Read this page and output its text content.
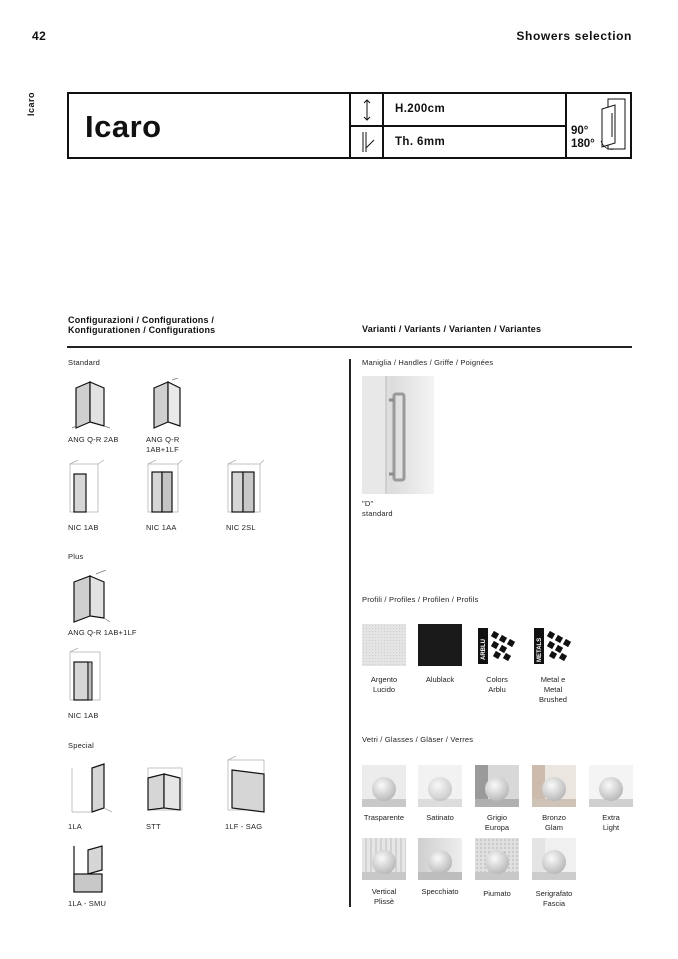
42	Showers selection
Icaro
Icaro	H.200cm
Th. 6mm
90°
180°
Configurazioni / Configurations /
Konfigurationen / Configurations	Varianti / Variants / Varianten / Variantes
Standard
ANG Q-R 2AB	ANG Q-R
1AB+1LF
NIC 1AB	NIC 1AA	NIC 2SL
Plus
ANG Q-R 1AB+1LF
NIC 1AB
Special
1LA	STT	1LF - SAG
1LA - SMU
Maniglia / Handles / Griffe / Poignées
"D"
standard
Profili / Profiles / Profilen / Profils
ARBLU	METALS
Argento
Lucido
Alublack	Colors
Arblu
Metal e
Metal
Brushed
Vetri / Glasses / Gläser / Verres
Trasparente	Satinato	Grigio
Europa
Bronzo
Glam
Extra
Light
Vertical
Plissè
Specchiato	Piumato	Serigrafato
Fascia
